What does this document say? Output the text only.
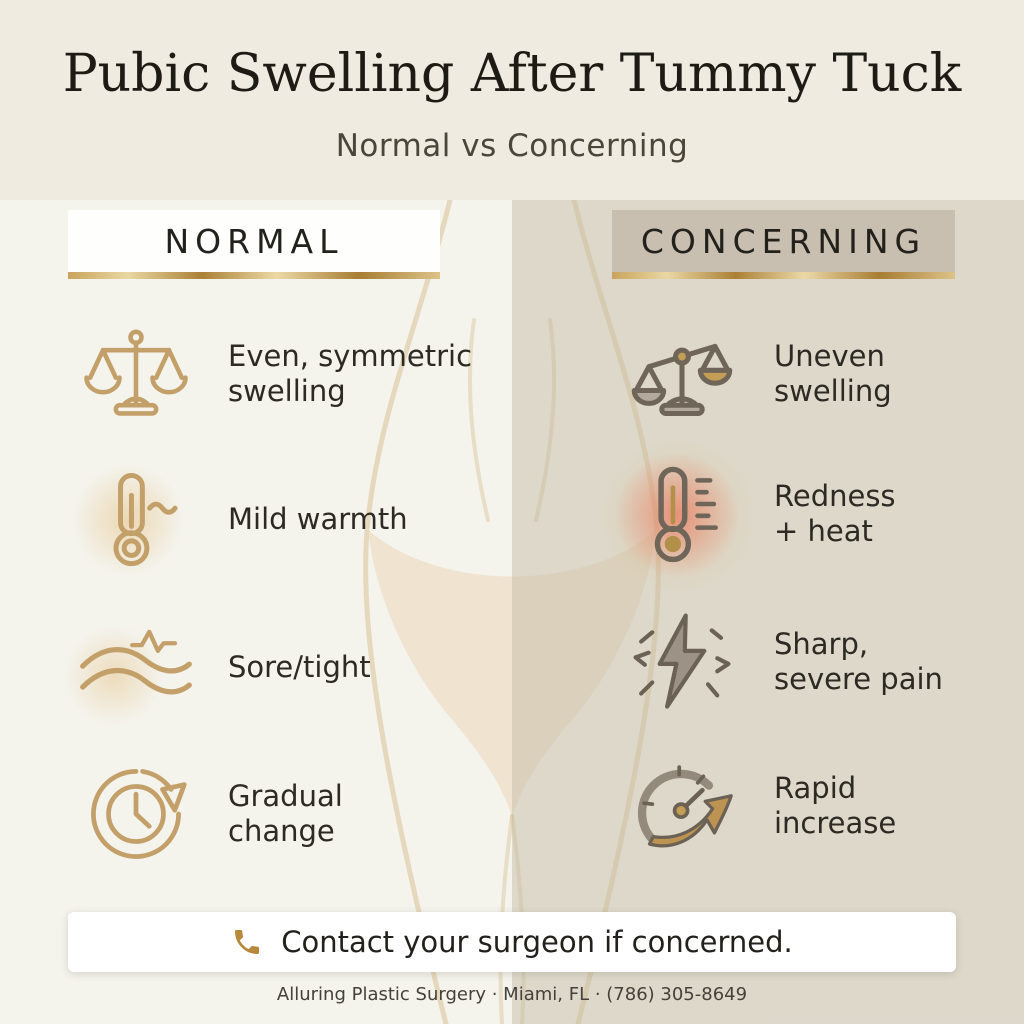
Pubic Swelling After Tummy Tuck
Normal vs Concerning
NORMAL	CONCERNING
Even, symmetric
swelling
Mild warmth
Sore/tight
Gradual
change
Uneven
swelling
Redness
+ heat
Sharp,
severe pain
Rapid
increase
Contact your surgeon if concerned.
Alluring Plastic Surgery · Miami, FL · (786) 305-8649
